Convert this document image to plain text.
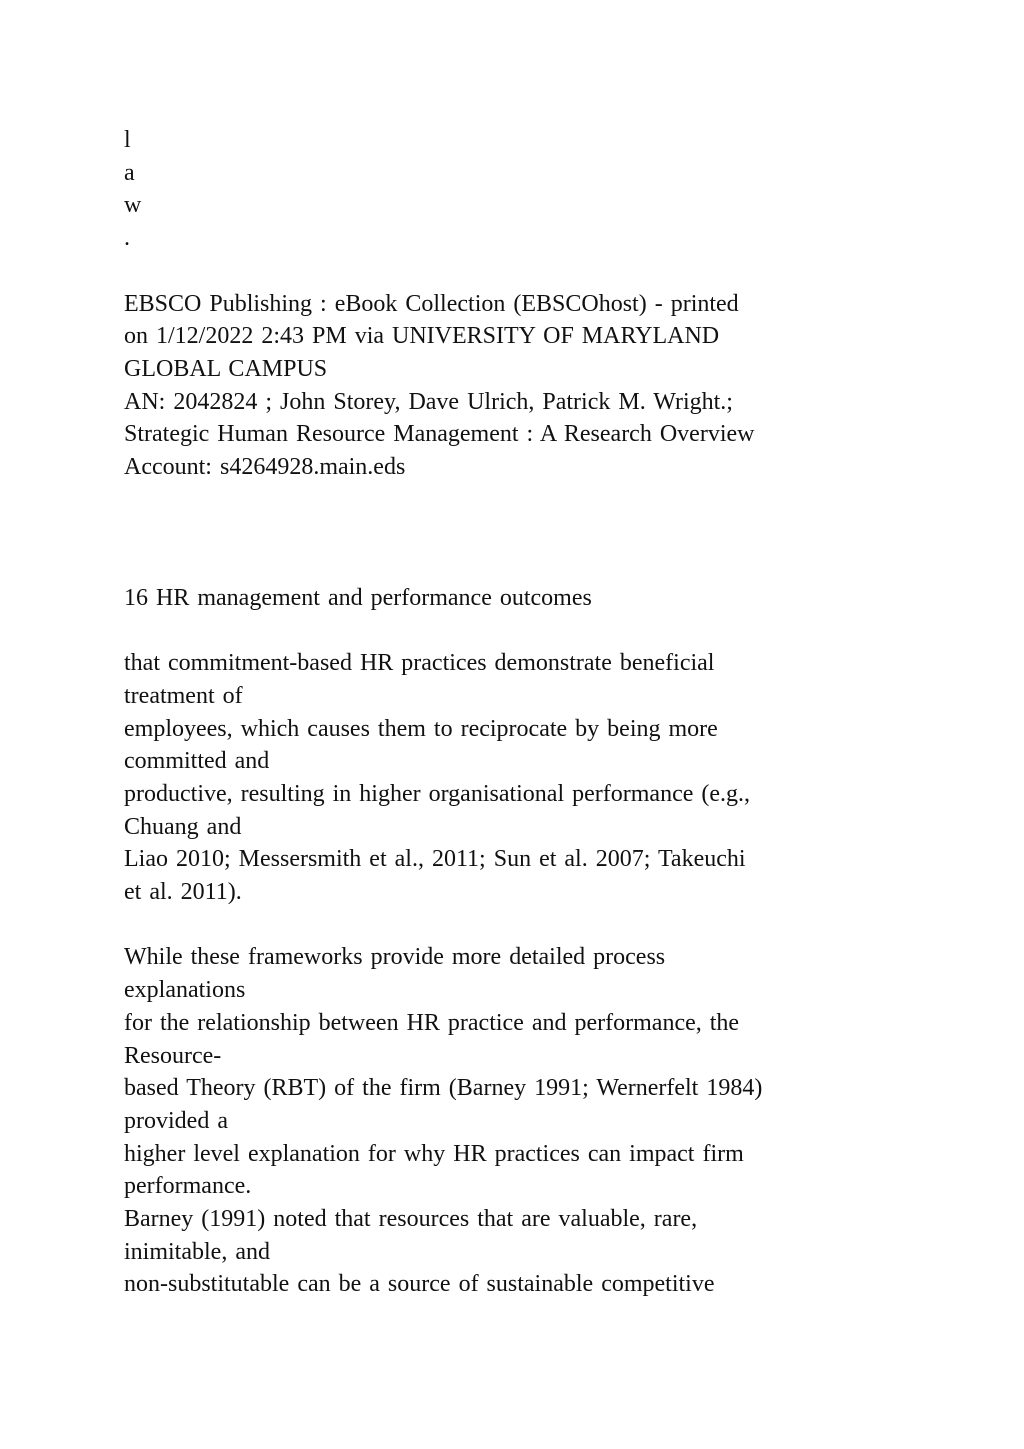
l
a
w
.
EBSCO Publishing : eBook Collection (EBSCOhost) - printed
on 1/12/2022 2:43 PM via UNIVERSITY OF MARYLAND
GLOBAL CAMPUS
AN: 2042824 ; John Storey, Dave Ulrich, Patrick M. Wright.;
Strategic Human Resource Management : A Research Overview
Account: s4264928.main.eds
16 HR management and performance outcomes
that commitment-based HR practices demonstrate beneficial
treatment of
employees, which causes them to reciprocate by being more
committed and
productive, resulting in higher organisational performance (e.g.,
Chuang and
Liao 2010; Messersmith et al., 2011; Sun et al. 2007; Takeuchi
et al. 2011).
While these frameworks provide more detailed process
explanations
for the relationship between HR practice and performance, the
Resource-
based Theory (RBT) of the firm (Barney 1991; Wernerfelt 1984)
provided a
higher level explanation for why HR practices can impact firm
performance.
Barney (1991) noted that resources that are valuable, rare,
inimitable, and
non-substitutable can be a source of sustainable competitive
